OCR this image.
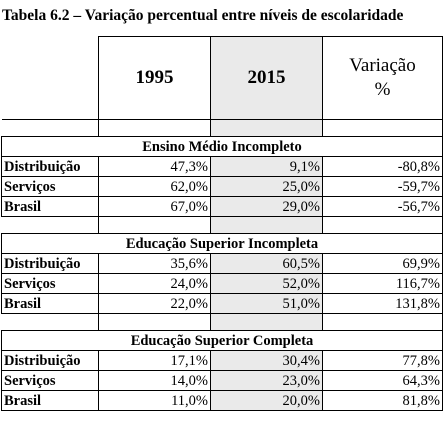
Tabela 6.2 – Variação percentual entre níveis de escolaridade
	1995	2015	Variação
%

Ensino Médio Incompleto			
Distribuição	47,3%	9,1%	-80,8%
Serviços	62,0%	25,0%	-59,7%
Brasil	67,0%	29,0%	-56,7%

Educação Superior Incompleta			
Distribuição	35,6%	60,5%	69,9%
Serviços	24,0%	52,0%	116,7%
Brasil	22,0%	51,0%	131,8%

Educação Superior Completa			
Distribuição	17,1%	30,4%	77,8%
Serviços	14,0%	23,0%	64,3%
Brasil	11,0%	20,0%	81,8%
